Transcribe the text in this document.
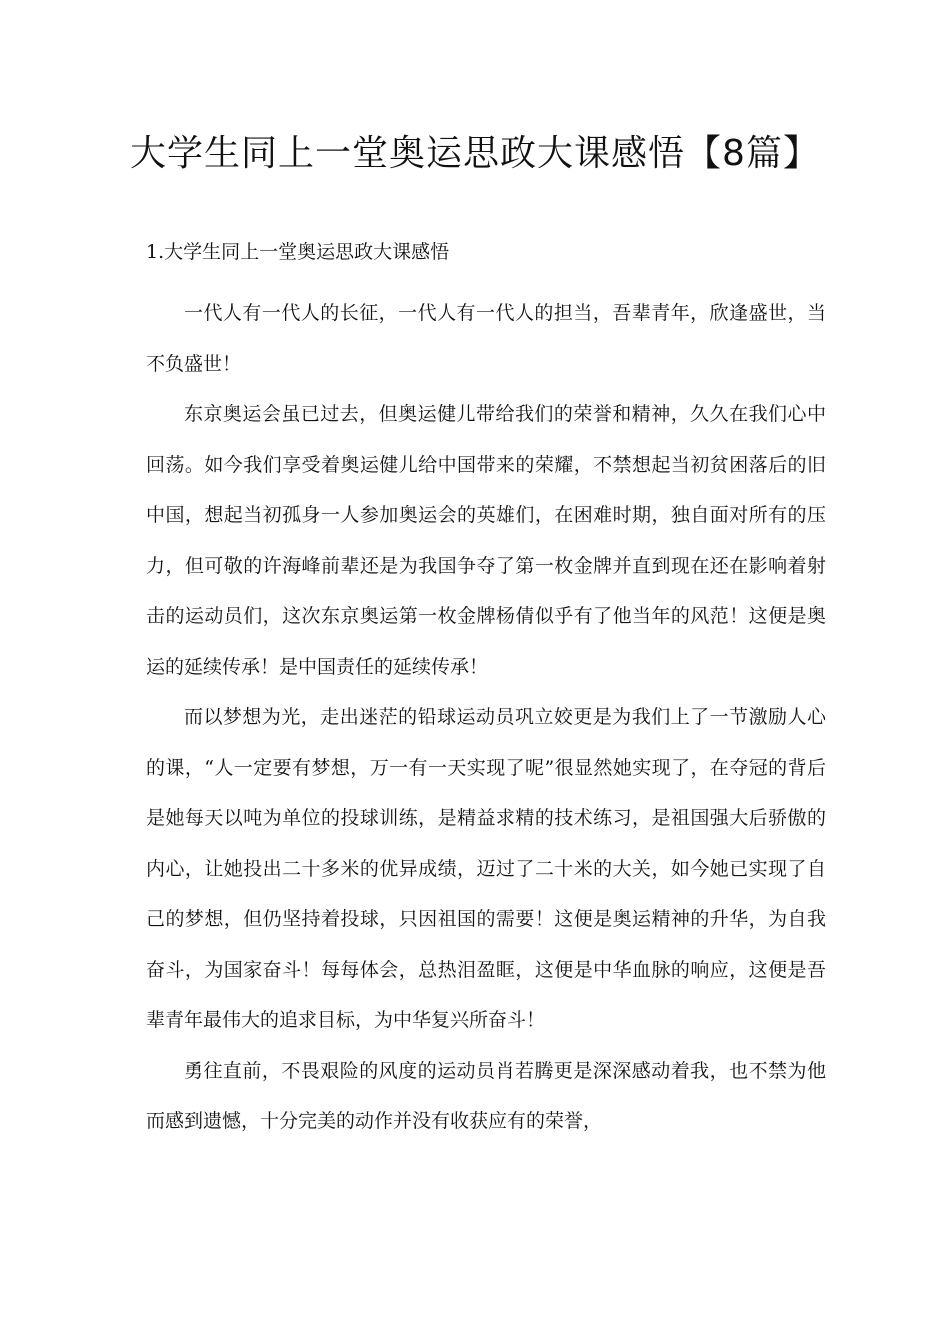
大学生同上一堂奥运思政大课感悟【8篇】
1.大学生同上一堂奥运思政大课感悟

一代人有一代人的长征，一代人有一代人的担当，吾辈青年，欣逢盛世，当不负盛世！

东京奥运会虽已过去，但奥运健儿带给我们的荣誉和精神，久久在我们心中回荡。如今我们享受着奥运健儿给中国带来的荣耀，不禁想起当初贫困落后的旧中国，想起当初孤身一人参加奥运会的英雄们，在困难时期，独自面对所有的压力，但可敬的许海峰前辈还是为我国争夺了第一枚金牌并直到现在还在影响着射击的运动员们，这次东京奥运第一枚金牌杨倩似乎有了他当年的风范！这便是奥运的延续传承！是中国责任的延续传承！

而以梦想为光，走出迷茫的铅球运动员巩立姣更是为我们上了一节激励人心的课，“人一定要有梦想，万一有一天实现了呢”很显然她实现了，在夺冠的背后是她每天以吨为单位的投球训练，是精益求精的技术练习，是祖国强大后骄傲的内心，让她投出二十多米的优异成绩，迈过了二十米的大关，如今她已实现了自己的梦想，但仍坚持着投球，只因祖国的需要！这便是奥运精神的升华，为自我奋斗，为国家奋斗！每每体会，总热泪盈眶，这便是中华血脉的响应，这便是吾辈青年最伟大的追求目标，为中华复兴所奋斗！

勇往直前，不畏艰险的风度的运动员肖若腾更是深深感动着我，也不禁为他而感到遗憾，十分完美的动作并没有收获应有的荣誉，
